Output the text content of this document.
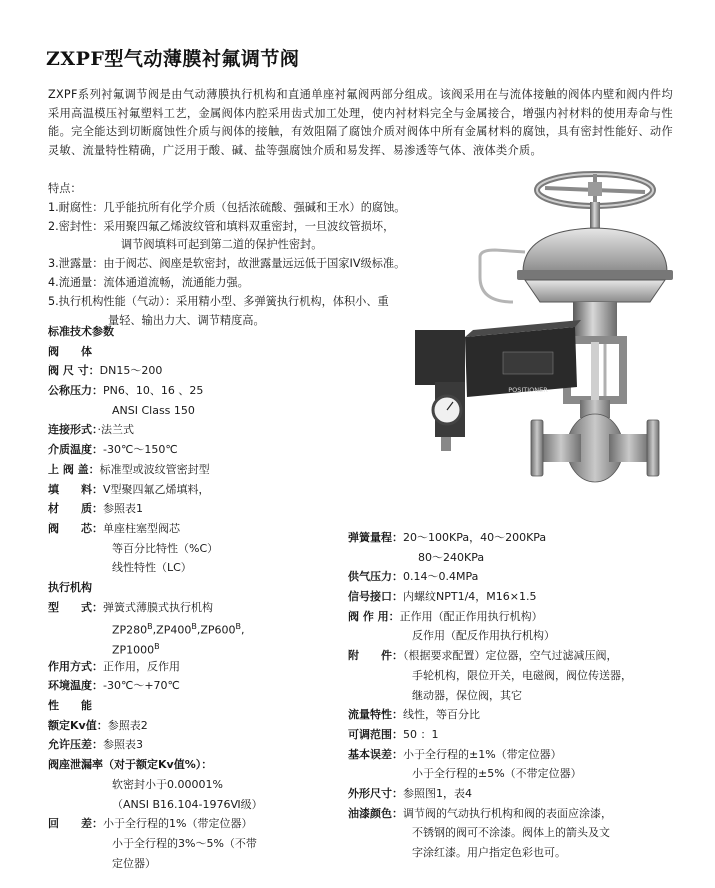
ZXPF型气动薄膜衬氟调节阀
ZXPF系列衬氟调节阀是由气动薄膜执行机构和直通单座衬氟阀两部分组成。该阀采用在与流体接触的阀体内壁和阀内件均采用高温模压衬氟塑料工艺，金属阀体内腔采用齿式加工处理，使内衬材料完全与金属接合，增强内衬材料的使用寿命与性能。完全能达到切断腐蚀性介质与阀体的接触，有效阻隔了腐蚀介质对阀体中所有金属材料的腐蚀，具有密封性能好、动作灵敏、流量特性精确，广泛用于酸、碱、盐等强腐蚀介质和易发挥、易渗透等气体、液体类介质。
特点：
1.耐腐性：几乎能抗所有化学介质（包括浓硫酸、强碱和王水）的腐蚀。
2.密封性：采用聚四氟乙烯波纹管和填料双重密封，一旦波纹管损坏，
调节阀填料可起到第二道的保护性密封。
3.泄露量：由于阀芯、阀座是软密封，故泄露量远远低于国家IV级标准。
4.流通量：流体通道流畅，流通能力强。
5.执行机构性能（气动）：采用精小型、多弹簧执行机构，体积小、重
量轻、输出力大、调节精度高。
POSITIONER
标准技术参数
阀　　体
阀 尺 寸：DN15～200
公称压力：PN6、10、16 、25
ANSI Class 150
连接形式：·法兰式
介质温度：-30℃～150℃
上 阀 盖：标准型或波纹管密封型
填　　料：V型聚四氟乙烯填料，
材　　质：参照表1
阀　　芯：单座柱塞型阀芯
等百分比特性（%C）
线性特性（LC）
执行机构
型　　式：弹簧式薄膜式执行机构
$ZP280^B,ZP400^B,ZP600^B$,
$ZP1000^B$
作用方式：正作用，反作用
环境温度：-30℃～+70℃
性　　能
额定Kv值：参照表2
允许压差：参照表3
阀座泄漏率（对于额定Kv值%）：
软密封小于0.00001%
（ANSI B16.104-1976Ⅵ级）
回　　差：小于全行程的1%（带定位器）
小于全行程的3%～5%（不带
定位器）
弹簧量程：20～100KPa，40～200KPa
80～240KPa
供气压力：0.14～0.4MPa
信号接口：内螺纹NPT1/4，M16×1.5
阀 作 用：正作用（配正作用执行机构）
反作用（配反作用执行机构）
附　　件：（根据要求配置）定位器，空气过滤减压阀，
手轮机构，限位开关，电磁阀，阀位传送器，
继动器，保位阀，其它
流量特性：线性，等百分比
可调范围：50 ：1
基本误差：小于全行程的±1%（带定位器）
小于全行程的±5%（不带定位器）
外形尺寸：参照图1，表4
油漆颜色：调节阀的气动执行机构和阀的表面应涂漆，
不锈钢的阀可不涂漆。阀体上的箭头及文
字涂红漆。用户指定色彩也可。
